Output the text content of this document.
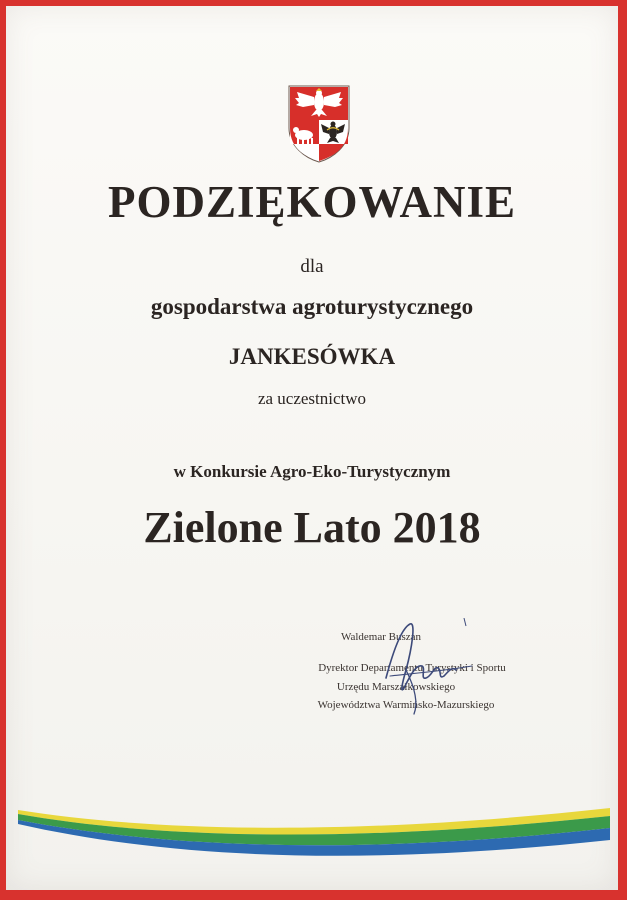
PODZIĘKOWANIE
dla
gospodarstwa agroturystycznego
JANKESÓWKA
za uczestnictwo
w Konkursie Agro-Eko-Turystycznym
Zielone Lato 2018
Waldemar Buszan
Dyrektor Departamentu Turystyki i Sportu
Urzędu Marszałkowskiego
Województwa Warmińsko-Mazurskiego
